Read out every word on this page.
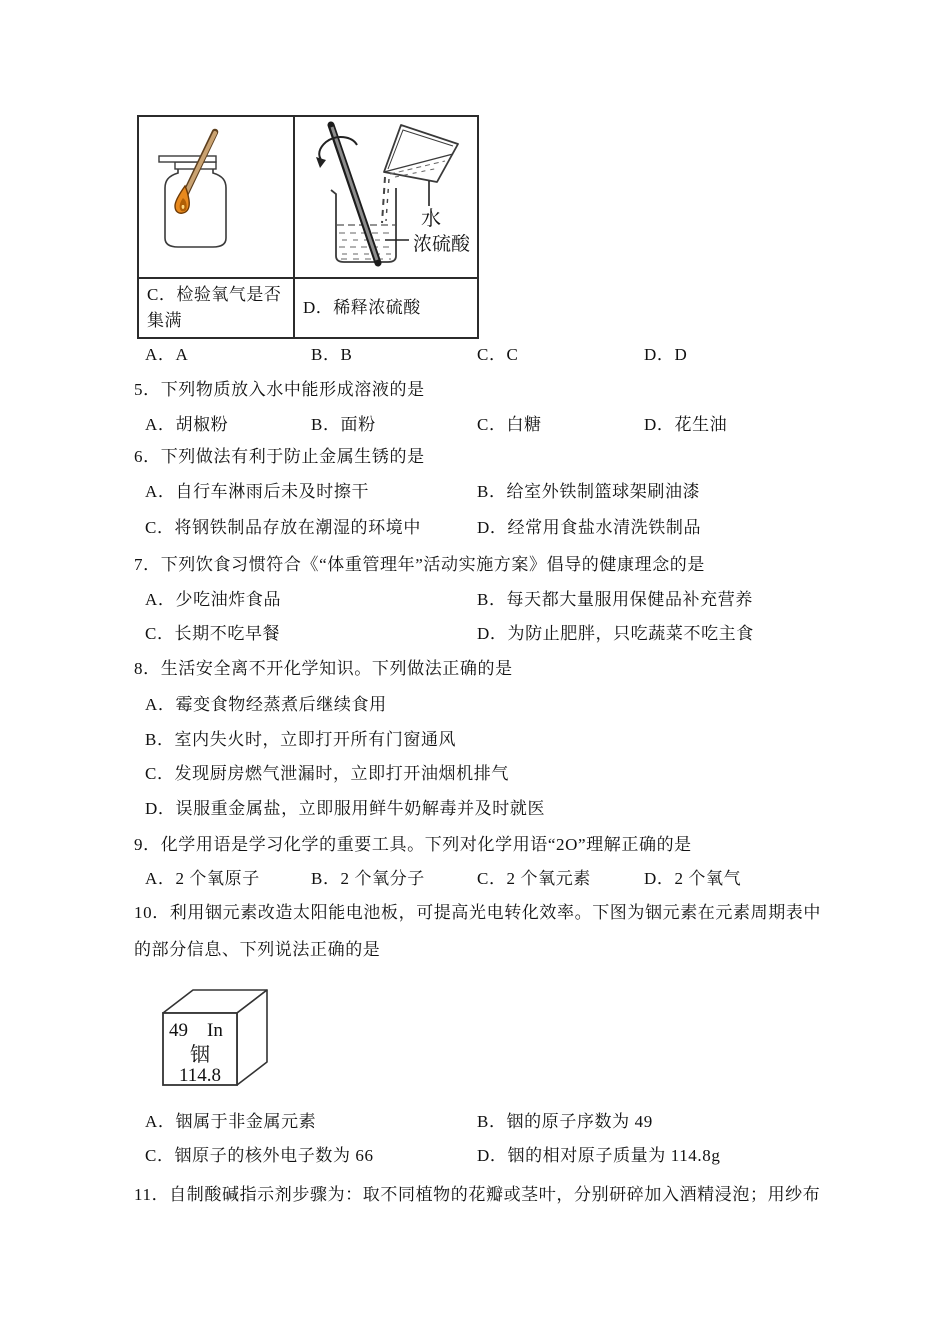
水
浓硫酸
C．检验氧气是否集满
D．稀释浓硫酸
A．A	B．B	C．C	D．D
5．下列物质放入水中能形成溶液的是
A．胡椒粉	B．面粉	C．白糖	D．花生油
6．下列做法有利于防止金属生锈的是
A．自行车淋雨后未及时擦干	B．给室外铁制篮球架刷油漆
C．将钢铁制品存放在潮湿的环境中	D．经常用食盐水清洗铁制品
7．下列饮食习惯符合《“体重管理年”活动实施方案》倡导的健康理念的是
A．少吃油炸食品	B．每天都大量服用保健品补充营养
C．长期不吃早餐	D．为防止肥胖，只吃蔬菜不吃主食
8．生活安全离不开化学知识。下列做法正确的是
A．霉变食物经蒸煮后继续食用
B．室内失火时，立即打开所有门窗通风
C．发现厨房燃气泄漏时，立即打开油烟机排气
D．误服重金属盐，立即服用鲜牛奶解毒并及时就医
9．化学用语是学习化学的重要工具。下列对化学用语“2O”理解正确的是
A．2 个氧原子	B．2 个氧分子	C．2 个氧元素	D．2 个氧气
10．利用铟元素改造太阳能电池板，可提高光电转化效率。下图为铟元素在元素周期表中
的部分信息、下列说法正确的是
49 In
铟
114.8
A．铟属于非金属元素	B．铟的原子序数为 49
C．铟原子的核外电子数为 66	D．铟的相对原子质量为 114.8g
11．自制酸碱指示剂步骤为：取不同植物的花瓣或茎叶，分别研碎加入酒精浸泡；用纱布
